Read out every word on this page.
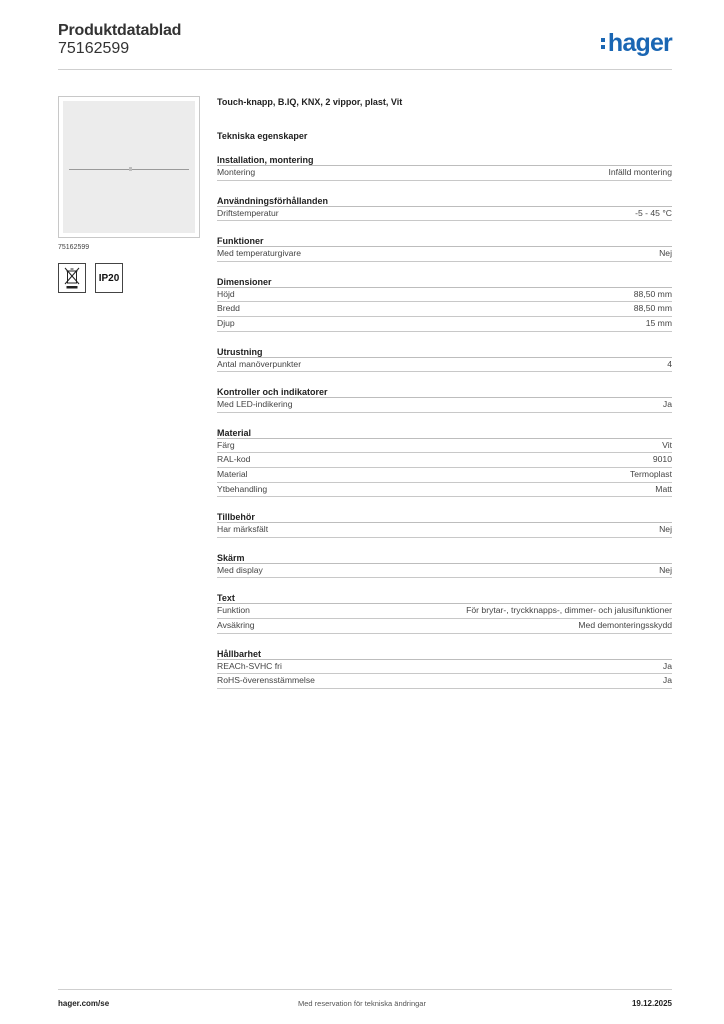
Produktdatablad
75162599	hager
75162599
IP20
Touch-knapp, B.IQ, KNX, 2 vippor, plast, Vit
Tekniska egenskaper
Installation, montering
Montering	Infälld montering
Användningsförhållanden
Driftstemperatur	-5 - 45 °C
Funktioner
Med temperaturgivare	Nej
Dimensioner
Höjd	88,50 mm
Bredd	88,50 mm
Djup	15 mm
Utrustning
Antal manöverpunkter	4
Kontroller och indikatorer
Med LED-indikering	Ja
Material
Färg	Vit
RAL-kod	9010
Material	Termoplast
Ytbehandling	Matt
Tillbehör
Har märksfält	Nej
Skärm
Med display	Nej
Text
Funktion	För brytar-, tryckknapps-, dimmer- och jalusifunktioner
Avsäkring	Med demonteringsskydd
Hållbarhet
REACh-SVHC fri	Ja
RoHS-överensstämmelse	Ja
hager.com/se	Med reservation för tekniska ändringar	19.12.2025
